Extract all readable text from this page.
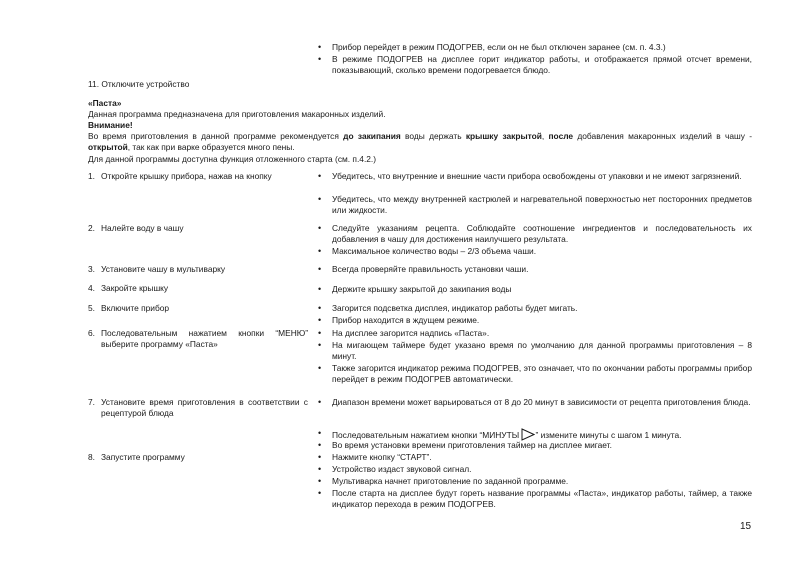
• Прибор перейдет в режим ПОДОГРЕВ, если он не был отключен заранее (см. п. 4.3.)
• В режиме ПОДОГРЕВ на дисплее горит индикатор работы, и отображается прямой отсчет времени, показывающий, сколько времени подогревается блюдо.
11. Отключите устройство
«Паста»
Данная программа предназначена для приготовления макаронных изделий.
Внимание!
Во время приготовления в данной программе рекомендуется до закипания воды держать крышку закрытой, после добавления макаронных изделий в чашу - открытой, так как при варке образуется много пены.
Для данной программы доступна функция отложенного старта (см. п.4.2.)
1. Откройте крышку прибора, нажав на кнопку	• Убедитесь, что внутренние и внешние части прибора освобождены от упаковки и не имеют загрязнений.
• Убедитесь, что между внутренней кастрюлей и нагревательной поверхностью нет посторонних предметов или жидкости.
2. Налейте воду в чашу	• Следуйте указаниям рецепта. Соблюдайте соотношение ингредиентов и последовательность их добавления в чашу для достижения наилучшего результата.
• Максимальное количество воды – 2/3 объема чаши.
3. Установите чашу в мультиварку	• Всегда проверяйте правильность установки чаши.
4. Закройте крышку	• Держите крышку закрытой до закипания воды
5. Включите прибор	• Загорится подсветка дисплея, индикатор работы будет мигать.
• Прибор находится в ждущем режиме.
6. Последовательным нажатием кнопки “МЕНЮ” выберите программу «Паста»
• На дисплее загорится надпись «Паста».
• На мигающем таймере будет указано время по умолчанию для данной программы приготовления – 8 минут.
• Также загорится индикатор режима ПОДОГРЕВ, это означает, что по окончании работы программы прибор перейдет в режим ПОДОГРЕВ автоматически.
7. Установите время приготовления в соответствии с рецептурой блюда
• Диапазон времени может варьироваться от 8 до 20 минут в зависимости от рецепта приготовления блюда.
• Последовательным нажатием кнопки “МИНУТЫ ” измените минуты с шагом 1 минута.
• Во время установки времени приготовления таймер на дисплее мигает.
8. Запустите программу	• Нажмите кнопку “СТАРТ”.
• Устройство издаст звуковой сигнал.
• Мультиварка начнет приготовление по заданной программе.
• После старта на дисплее будут гореть название программы «Паста», индикатор работы, таймер, а также индикатор перехода в режим ПОДОГРЕВ.
15
